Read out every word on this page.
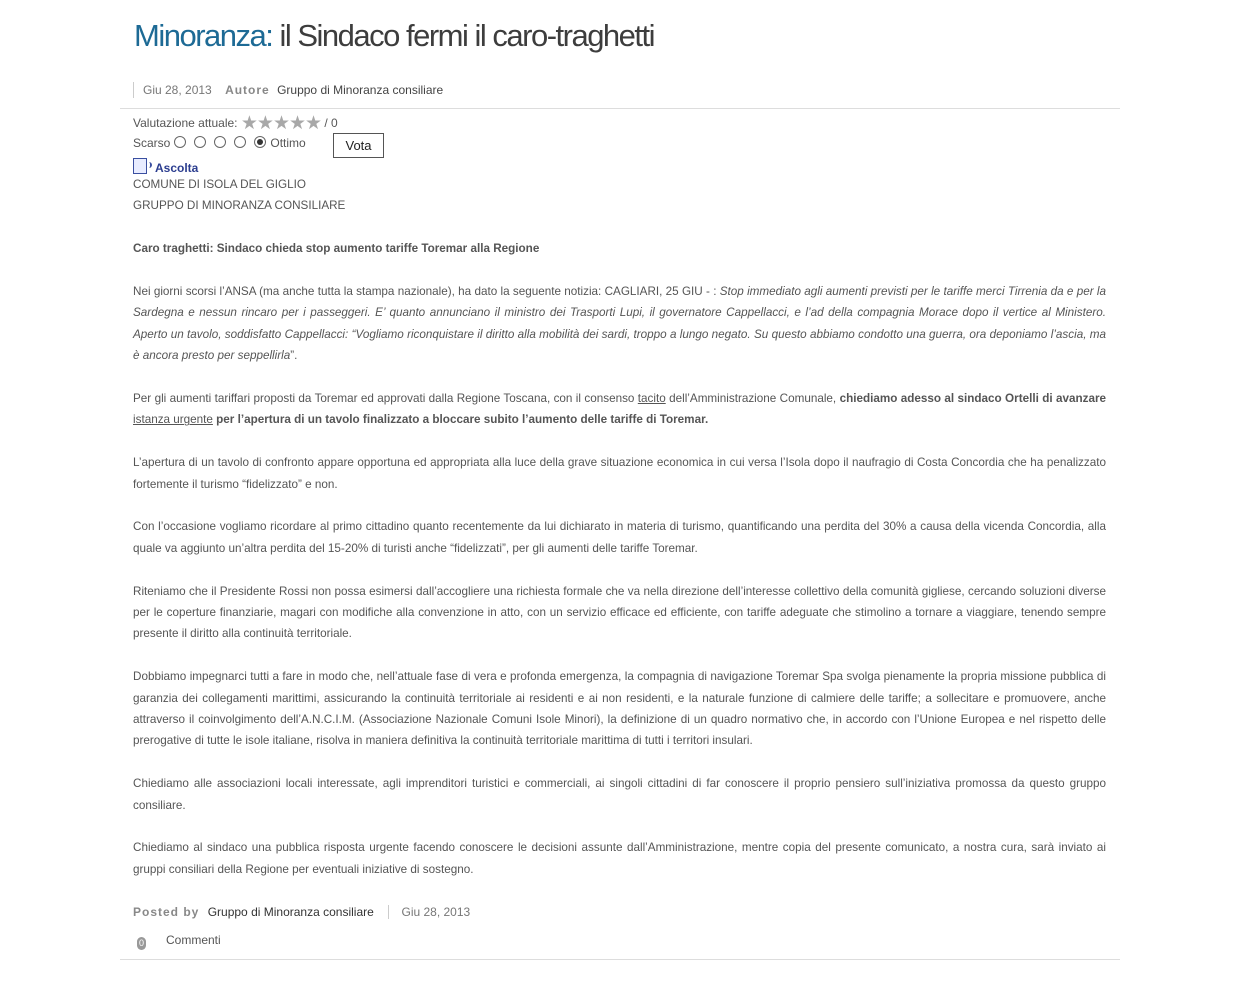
Minoranza: il Sindaco fermi il caro-traghetti
Giu 28, 2013 Autore Gruppo di Minoranza consiliare
Valutazione attuale: ★★★★★ / 0
Scarso	Ottimo	Vota
Ascolta

COMUNE DI ISOLA DEL GIGLIO

GRUPPO DI MINORANZA CONSILIARE

Caro traghetti: Sindaco chieda stop aumento tariffe Toremar alla Regione

Nei giorni scorsi l’ANSA (ma anche tutta la stampa nazionale), ha dato la seguente notizia: CAGLIARI, 25 GIU - : Stop immediato agli aumenti previsti per le tariffe merci Tirrenia da e per la Sardegna e nessun rincaro per i passeggeri. E’ quanto annunciano il ministro dei Trasporti Lupi, il governatore Cappellacci, e l’ad della compagnia Morace dopo il vertice al Ministero. Aperto un tavolo, soddisfatto Cappellacci: “Vogliamo riconquistare il diritto alla mobilità dei sardi, troppo a lungo negato. Su questo abbiamo condotto una guerra, ora deponiamo l’ascia, ma è ancora presto per seppellirla”.

Per gli aumenti tariffari proposti da Toremar ed approvati dalla Regione Toscana, con il consenso tacito dell’Amministrazione Comunale, chiediamo adesso al sindaco Ortelli di avanzare istanza urgente per l’apertura di un tavolo finalizzato a bloccare subito l’aumento delle tariffe di Toremar.

L’apertura di un tavolo di confronto appare opportuna ed appropriata alla luce della grave situazione economica in cui versa l’Isola dopo il naufragio di Costa Concordia che ha penalizzato fortemente il turismo “fidelizzato” e non.

Con l’occasione vogliamo ricordare al primo cittadino quanto recentemente da lui dichiarato in materia di turismo, quantificando una perdita del 30% a causa della vicenda Concordia, alla quale va aggiunto un’altra perdita del 15-20% di turisti anche “fidelizzati”, per gli aumenti delle tariffe Toremar.

Riteniamo che il Presidente Rossi non possa esimersi dall’accogliere una richiesta formale che va nella direzione dell’interesse collettivo della comunità gigliese, cercando soluzioni diverse per le coperture finanziarie, magari con modifiche alla convenzione in atto, con un servizio efficace ed efficiente, con tariffe adeguate che stimolino a tornare a viaggiare, tenendo sempre presente il diritto alla continuità territoriale.

Dobbiamo impegnarci tutti a fare in modo che, nell’attuale fase di vera e profonda emergenza, la compagnia di navigazione Toremar Spa svolga pienamente la propria missione pubblica di garanzia dei collegamenti marittimi, assicurando la continuità territoriale ai residenti e ai non residenti, e la naturale funzione di calmiere delle tariffe; a sollecitare e promuovere, anche attraverso il coinvolgimento dell’A.N.C.I.M. (Associazione Nazionale Comuni Isole Minori), la definizione di un quadro normativo che, in accordo con l’Unione Europea e nel rispetto delle prerogative di tutte le isole italiane, risolva in maniera definitiva la continuità territoriale marittima di tutti i territori insulari.

Chiediamo alle associazioni locali interessate, agli imprenditori turistici e commerciali, ai singoli cittadini di far conoscere il proprio pensiero sull’iniziativa promossa da questo gruppo consiliare.

Chiediamo al sindaco una pubblica risposta urgente facendo conoscere le decisioni assunte dall’Amministrazione, mentre copia del presente comunicato, a nostra cura, sarà inviato ai gruppi consiliari della Regione per eventuali iniziative di sostegno.

Posted by Gruppo di Minoranza consiliare Giu 28, 2013
0 Commenti
